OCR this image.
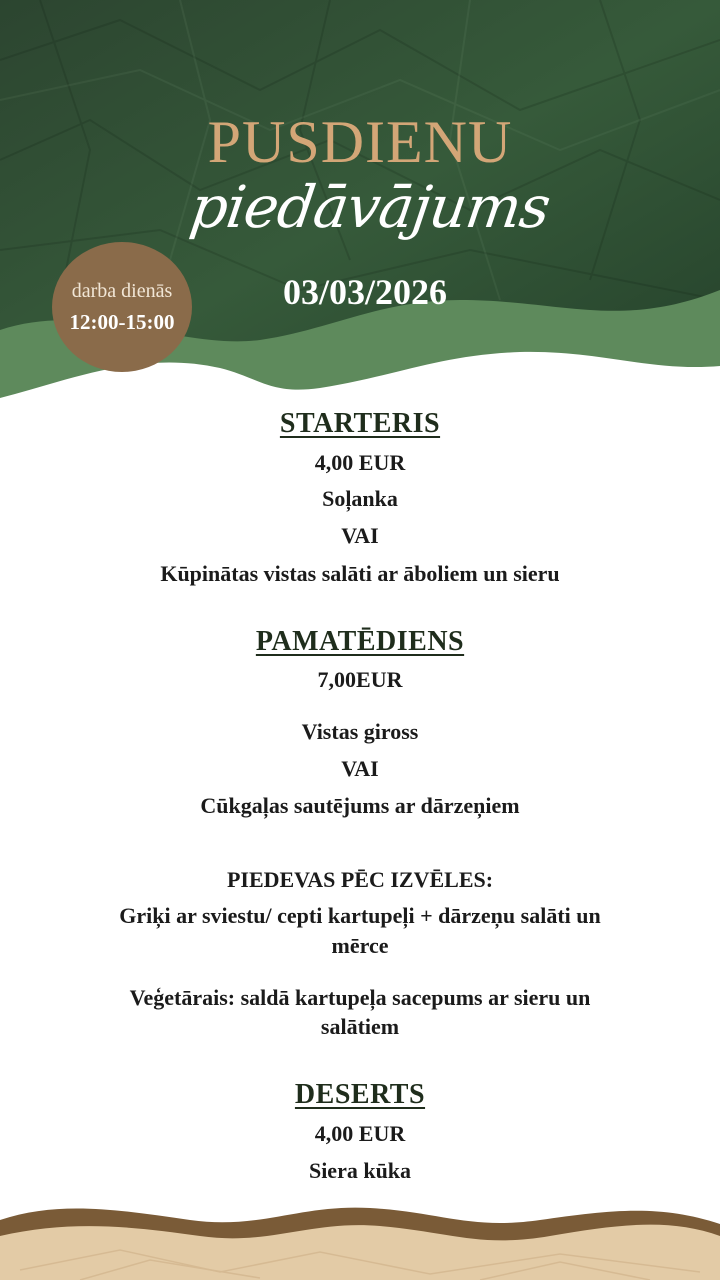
PUSDIENU
piedāvājums
03/03/2026
darba dienās
12:00-15:00
STARTERIS
4,00 EUR
Soļanka
VAI
Kūpinātas vistas salāti ar āboliem un sieru
PAMATĒDIENS
7,00EUR
Vistas giross
VAI
Cūkgaļas sautējums ar dārzeņiem
PIEDEVAS PĒC IZVĒLES:
Griķi ar sviestu/ cepti kartupeļi + dārzeņu salāti un
mērce
Veģetārais: saldā kartupeļa sacepums ar sieru un
salātiem
DESERTS
4,00 EUR
Siera kūka
